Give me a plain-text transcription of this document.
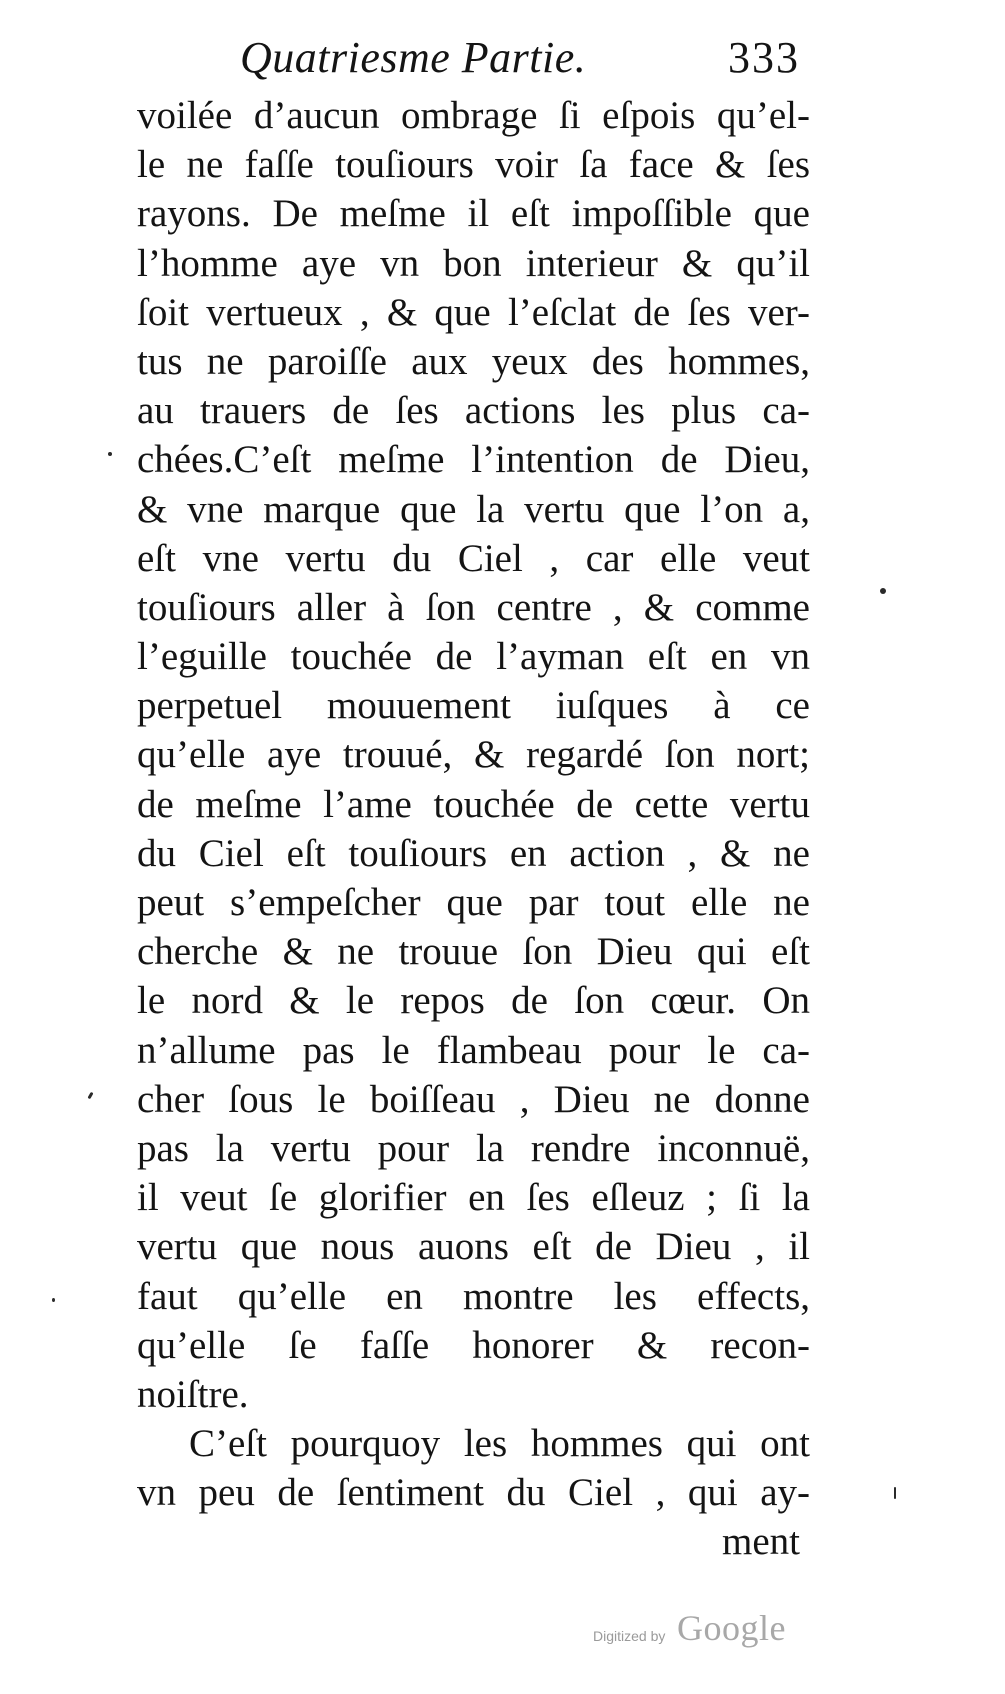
Quatriesme Partie.	333
voilée d’aucun ombrage ſi eſpois qu’el-
le ne faſſe touſiours voir ſa face & ſes
rayons. De meſme il eſt impoſſible que
l’homme aye vn bon interieur & qu’il
ſoit vertueux , & que l’eſclat de ſes ver-
tus ne paroiſſe aux yeux des hommes,
au trauers de ſes actions les plus ca-
chées.C’eſt meſme l’intention de Dieu,
& vne marque que la vertu que l’on a,
eſt vne vertu du Ciel , car elle veut
touſiours aller à ſon centre , & comme
l’eguille touchée de l’ayman eſt en vn
perpetuel mouuement iuſques à ce
qu’elle aye trouué, & regardé ſon nort;
de meſme l’ame touchée de cette vertu
du Ciel eſt touſiours en action , & ne
peut s’empeſcher que par tout elle ne
cherche & ne trouue ſon Dieu qui eſt
le nord & le repos de ſon cœur. On
n’allume pas le flambeau pour le ca-
cher ſous le boiſſeau , Dieu ne donne
pas la vertu pour la rendre inconnuë,
il veut ſe glorifier en ſes eſleuz ; ſi la
vertu que nous auons eſt de Dieu , il
faut qu’elle en montre les effects,
qu’elle ſe faſſe honorer & recon-
noiſtre.
C’eſt pourquoy les hommes qui ont
vn peu de ſentiment du Ciel , qui ay-
ment
Digitized by Google
